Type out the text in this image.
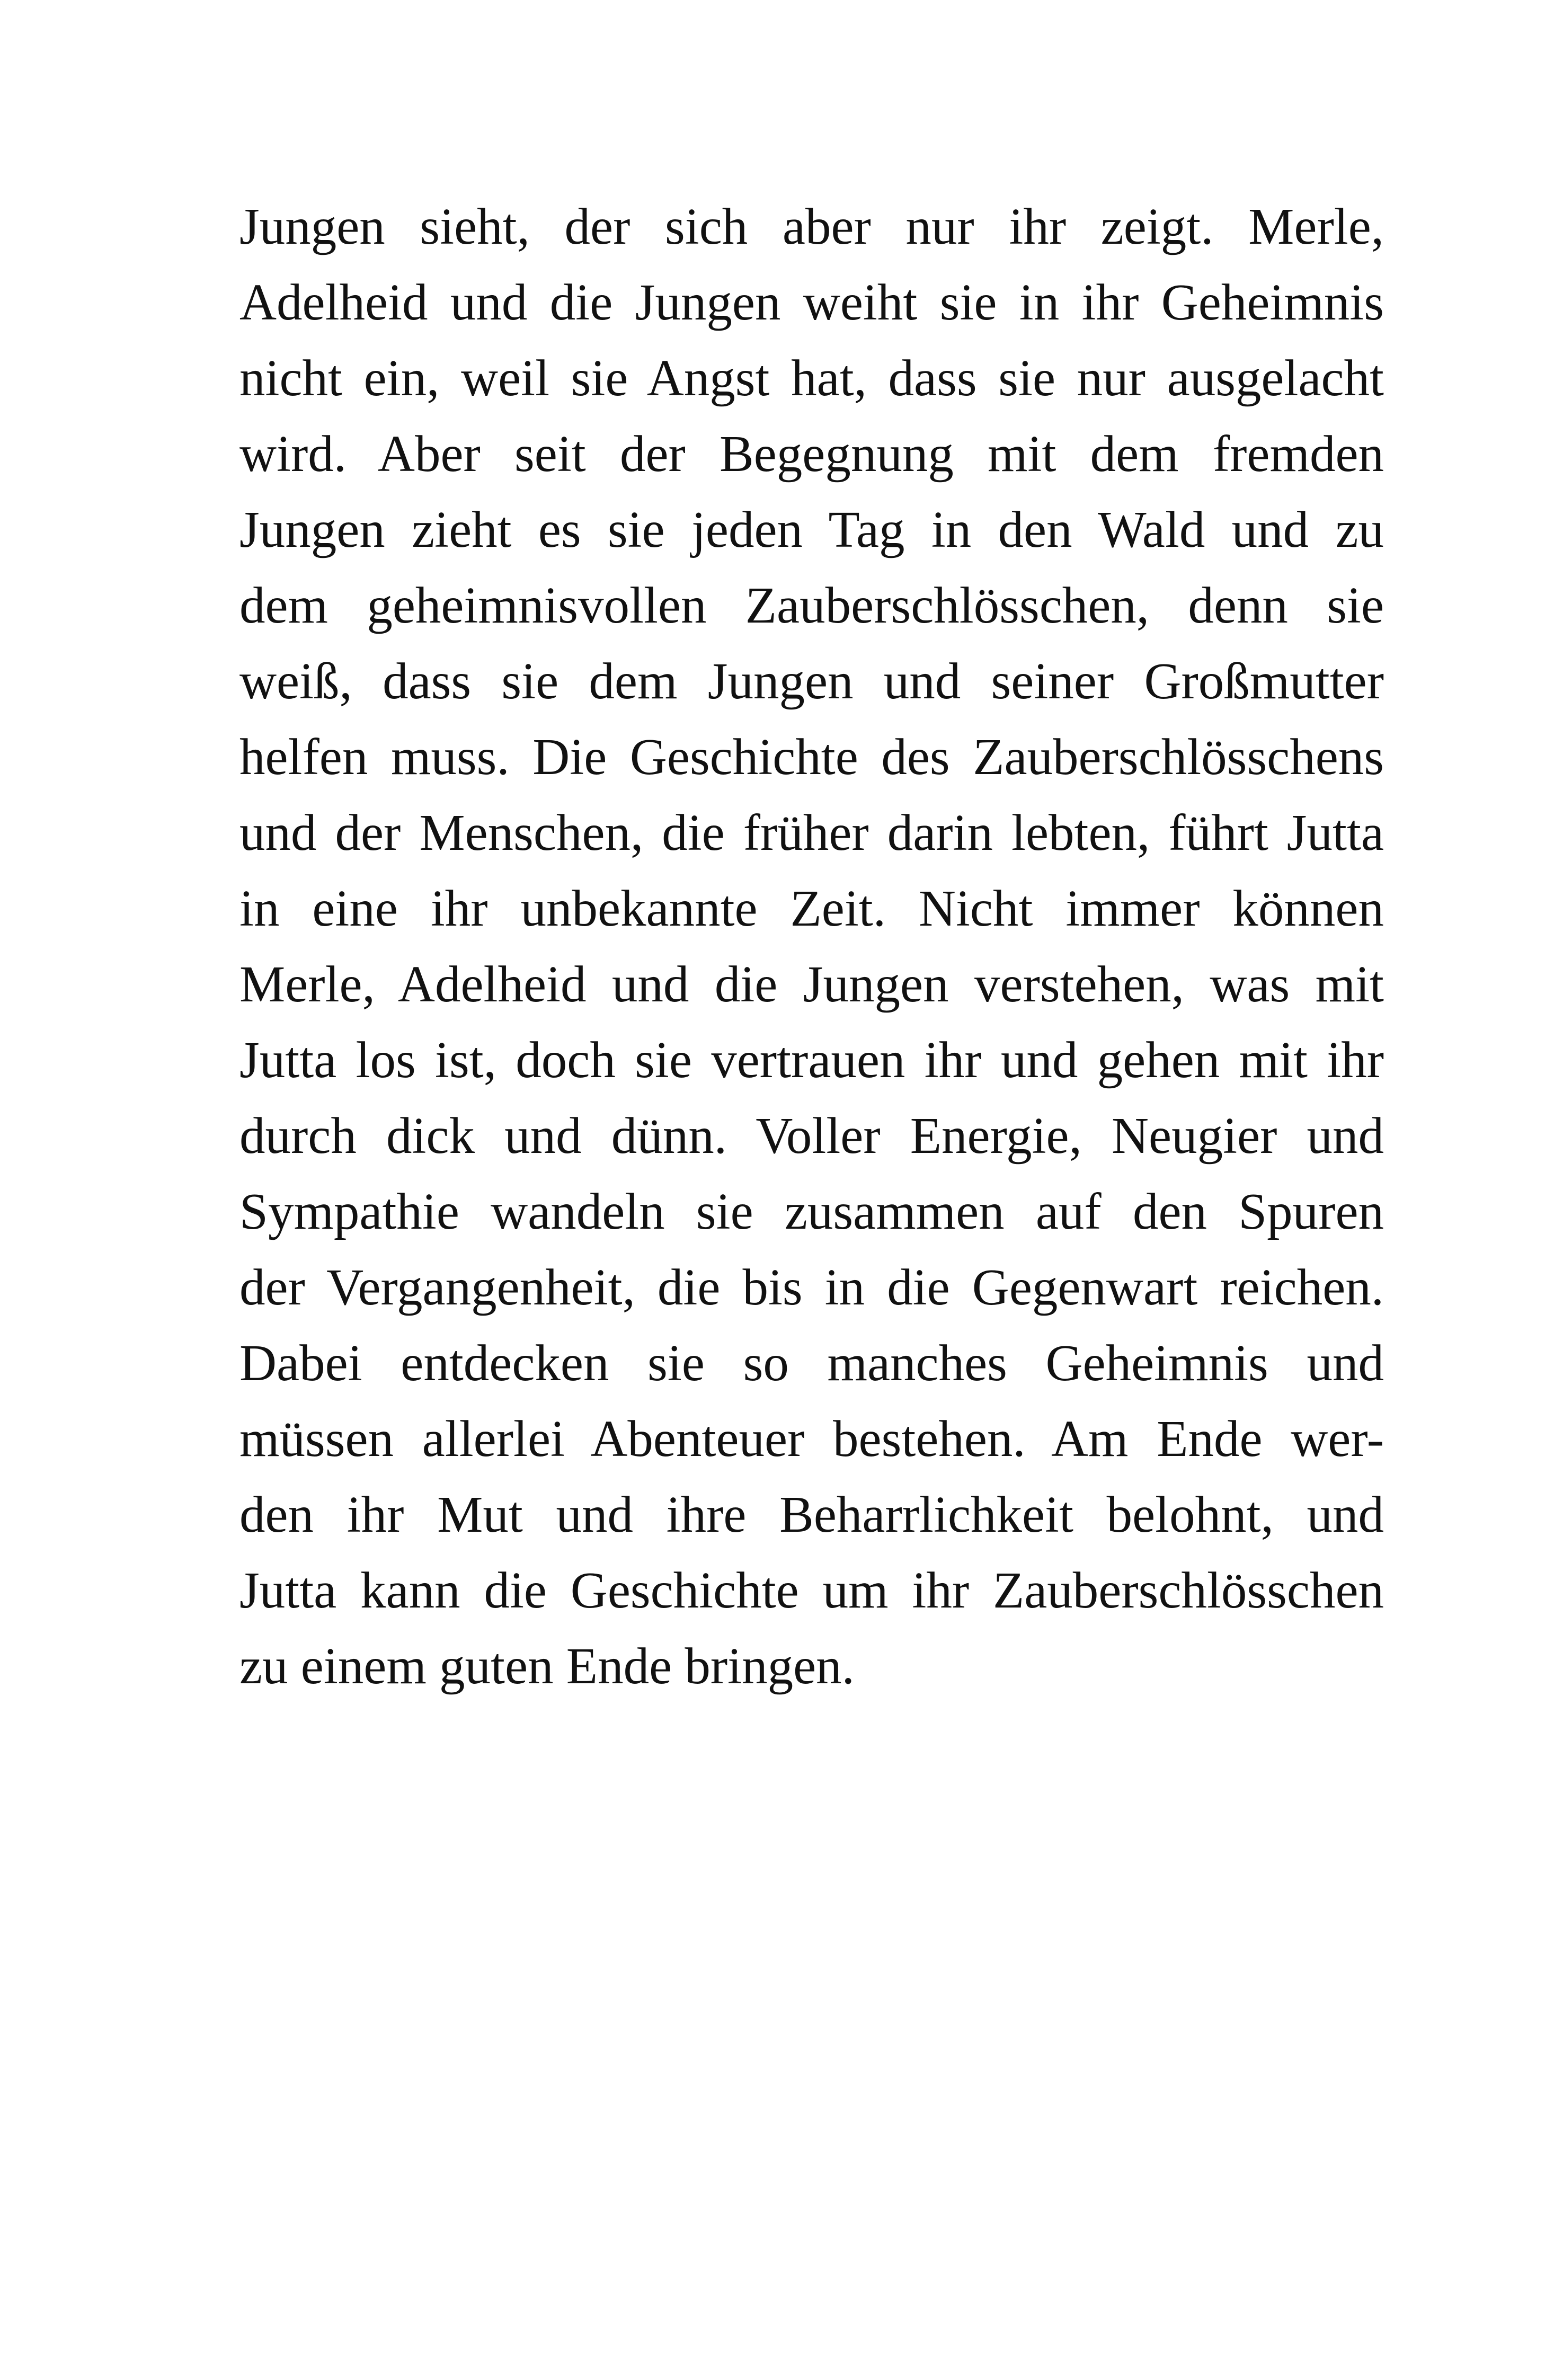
Jungen sieht, der sich aber nur ihr zeigt. Merle,
Adelheid und die Jungen weiht sie in ihr Geheimnis
nicht ein, weil sie Angst hat, dass sie nur ausgelacht
wird. Aber seit der Begegnung mit dem fremden
Jungen zieht es sie jeden Tag in den Wald und zu
dem geheimnisvollen Zauberschlösschen, denn sie
weiß, dass sie dem Jungen und seiner Großmutter
helfen muss. Die Geschichte des Zauberschlösschens
und der Menschen, die früher darin lebten, führt Jutta
in eine ihr unbekannte Zeit. Nicht immer können
Merle, Adelheid und die Jungen verstehen, was mit
Jutta los ist, doch sie vertrauen ihr und gehen mit ihr
durch dick und dünn. Voller Energie, Neugier und
Sympathie wandeln sie zusammen auf den Spuren
der Vergangenheit, die bis in die Gegenwart reichen.
Dabei entdecken sie so manches Geheimnis und
müssen allerlei Abenteuer bestehen. Am Ende wer-
den ihr Mut und ihre Beharrlichkeit belohnt, und
Jutta kann die Geschichte um ihr Zauberschlösschen
zu einem guten Ende bringen.
